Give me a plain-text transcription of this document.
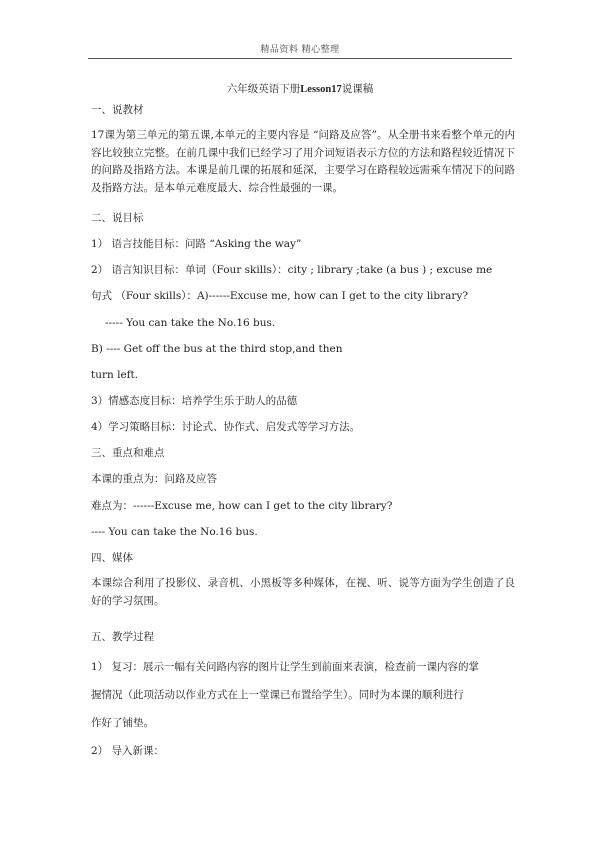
精品资料 精心整理
六年级英语下册Lesson17说课稿
一、说教材
17课为第三单元的第五课,本单元的主要内容是 “问路及应答”。从全册书来看整个单元的内容比较独立完整。在前几课中我们已经学习了用介词短语表示方位的方法和路程较近情况下的问路及指路方法。本课是前几课的拓展和延深，主要学习在路程较远需乘车情况下的问路及指路方法。是本单元难度最大、综合性最强的一课。
二、说目标
1） 语言技能目标：问路 “Asking the way”
2） 语言知识目标：单词（Four skills）：city ; library ;take (a bus ) ; excuse me
句式 （Four skills）：A)------Excuse me, how can I get to the city library?
----- You can take the No.16 bus.
B) ---- Get off the bus at the third stop,and then
turn left.
3）情感态度目标：培养学生乐于助人的品德
4）学习策略目标：讨论式、协作式、启发式等学习方法。
三、重点和难点
本课的重点为：问路及应答
难点为：------Excuse me, how can I get to the city library?
---- You can take the No.16 bus.
四、媒体
本课综合利用了投影仪、录音机、小黑板等多种媒体，在视、听、说等方面为学生创造了良好的学习氛围。
五、教学过程
1） 复习：展示一幅有关问路内容的图片让学生到前面来表演，检查前一课内容的掌
握情况（此项活动以作业方式在上一堂课已布置给学生）。同时为本课的顺利进行
作好了铺垫。
2） 导入新课：
